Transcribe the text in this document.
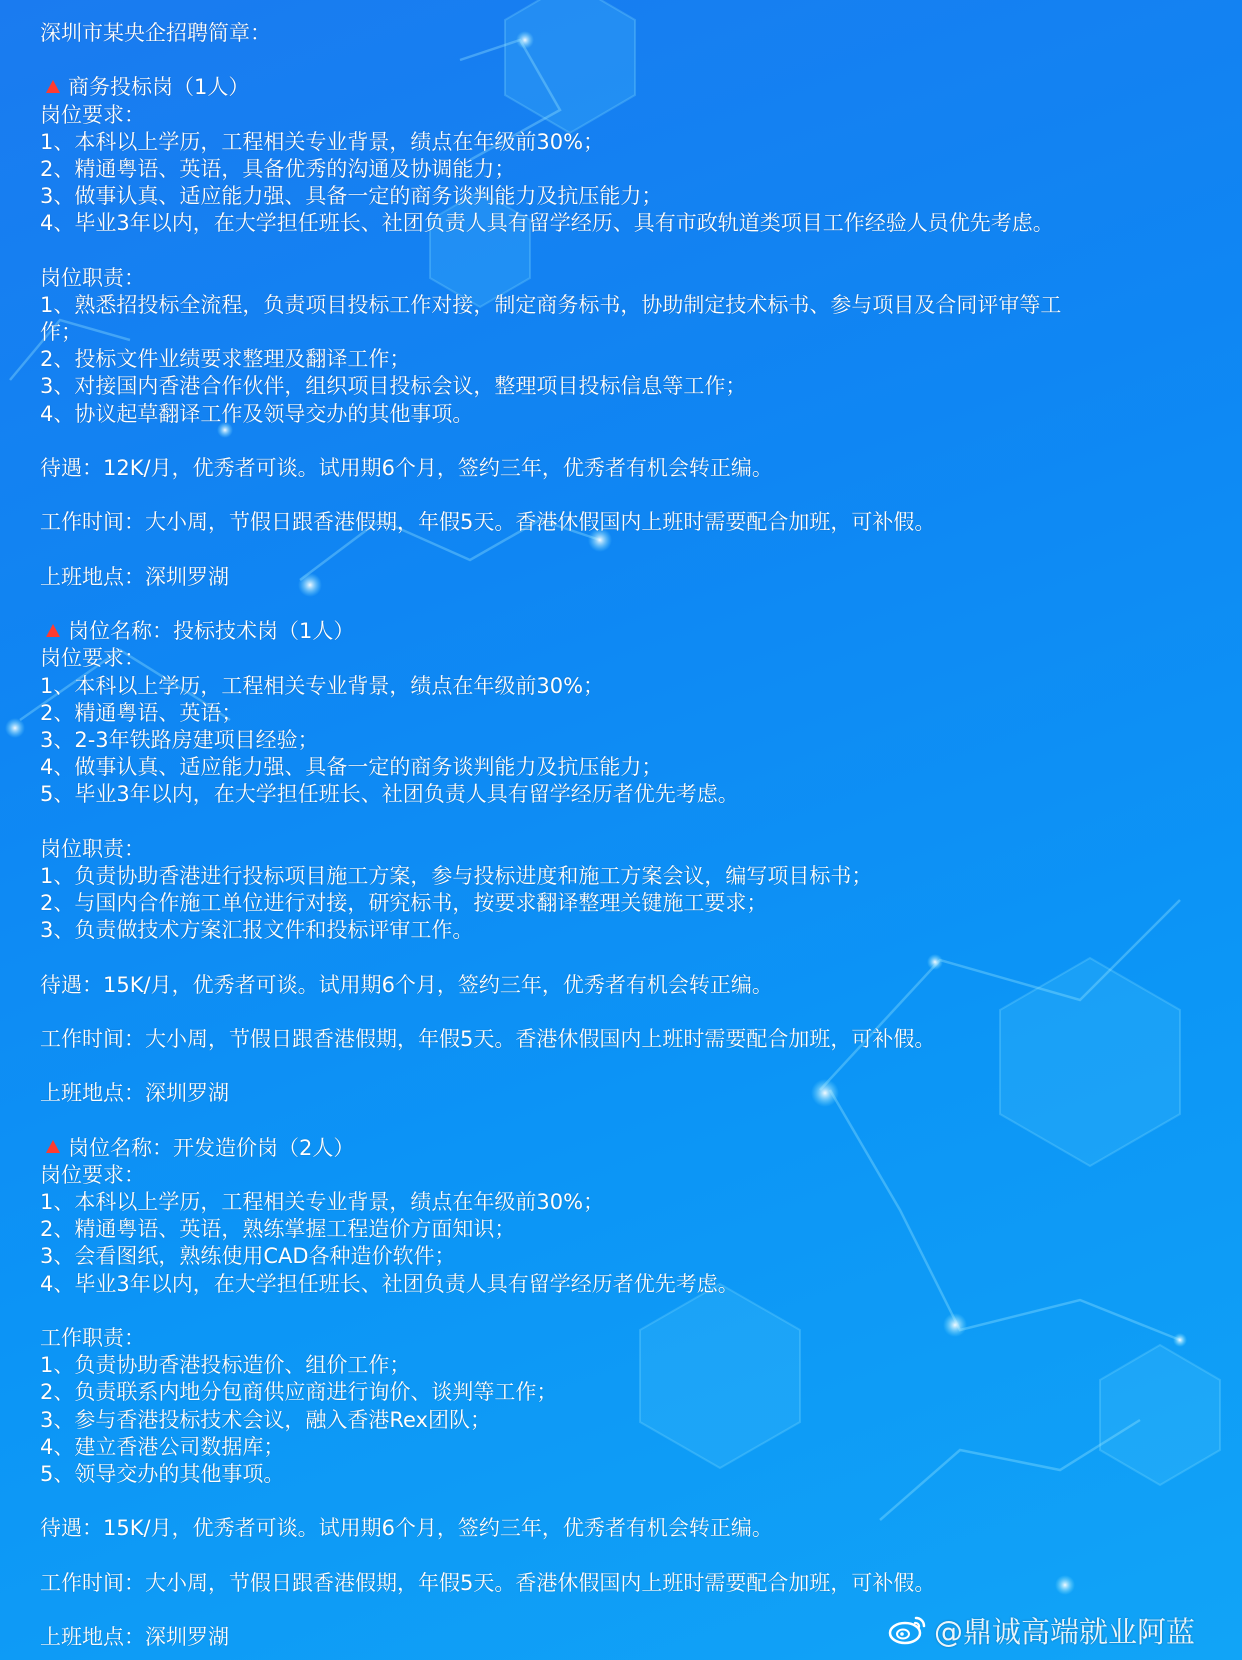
深圳市某央企招聘简章：
商务投标岗（1人）
岗位要求：
1、本科以上学历，工程相关专业背景，绩点在年级前30%；
2、精通粤语、英语，具备优秀的沟通及协调能力；
3、做事认真、适应能力强、具备一定的商务谈判能力及抗压能力；
4、毕业3年以内，在大学担任班长、社团负责人具有留学经历、具有市政轨道类项目工作经验人员优先考虑。
岗位职责：
1、熟悉招投标全流程，负责项目投标工作对接，制定商务标书，协助制定技术标书、参与项目及合同评审等工
作；
2、投标文件业绩要求整理及翻译工作；
3、对接国内香港合作伙伴，组织项目投标会议，整理项目投标信息等工作；
4、协议起草翻译工作及领导交办的其他事项。
待遇：12K/月，优秀者可谈。试用期6个月，签约三年，优秀者有机会转正编。
工作时间：大小周，节假日跟香港假期，年假5天。香港休假国内上班时需要配合加班，可补假。
上班地点：深圳罗湖
岗位名称：投标技术岗（1人）
岗位要求：
1、本科以上学历，工程相关专业背景，绩点在年级前30%；
2、精通粤语、英语；
3、2-3年铁路房建项目经验；
4、做事认真、适应能力强、具备一定的商务谈判能力及抗压能力；
5、毕业3年以内，在大学担任班长、社团负责人具有留学经历者优先考虑。
岗位职责：
1、负责协助香港进行投标项目施工方案，参与投标进度和施工方案会议，编写项目标书；
2、与国内合作施工单位进行对接，研究标书，按要求翻译整理关键施工要求；
3、负责做技术方案汇报文件和投标评审工作。
待遇：15K/月，优秀者可谈。试用期6个月，签约三年，优秀者有机会转正编。
工作时间：大小周，节假日跟香港假期，年假5天。香港休假国内上班时需要配合加班，可补假。
上班地点：深圳罗湖
岗位名称：开发造价岗（2人）
岗位要求：
1、本科以上学历，工程相关专业背景，绩点在年级前30%；
2、精通粤语、英语，熟练掌握工程造价方面知识；
3、会看图纸，熟练使用CAD各种造价软件；
4、毕业3年以内，在大学担任班长、社团负责人具有留学经历者优先考虑。
工作职责：
1、负责协助香港投标造价、组价工作；
2、负责联系内地分包商供应商进行询价、谈判等工作；
3、参与香港投标技术会议，融入香港Rex团队；
4、建立香港公司数据库；
5、领导交办的其他事项。
待遇：15K/月，优秀者可谈。试用期6个月，签约三年，优秀者有机会转正编。
工作时间：大小周，节假日跟香港假期，年假5天。香港休假国内上班时需要配合加班，可补假。
上班地点：深圳罗湖	@鼎诚高端就业阿蓝
